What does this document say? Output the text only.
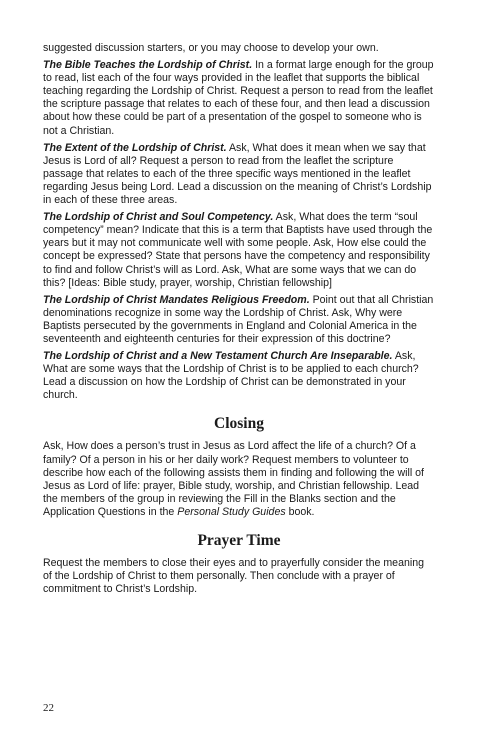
suggested discussion starters, or you may choose to develop your own.

The Bible Teaches the Lordship of Christ. In a format large enough for the group to read, list each of the four ways provided in the leaflet that supports the biblical teaching regarding the Lordship of Christ. Request a person to read from the leaflet the scripture passage that relates to each of these four, and then lead a discussion about how these could be part of a presentation of the gospel to someone who is not a Christian.

The Extent of the Lordship of Christ. Ask, What does it mean when we say that Jesus is Lord of all? Request a person to read from the leaflet the scripture passage that relates to each of the three specific ways mentioned in the leaflet regarding Jesus being Lord. Lead a discussion on the meaning of Christ’s Lordship in each of these three areas.

The Lordship of Christ and Soul Competency. Ask, What does the term “soul competency” mean? Indicate that this is a term that Baptists have used through the years but it may not communicate well with some people. Ask, How else could the concept be expressed? State that persons have the competency and responsibility to find and follow Christ’s will as Lord. Ask, What are some ways that we can do this? [Ideas: Bible study, prayer, worship, Christian fellowship]

The Lordship of Christ Mandates Religious Freedom. Point out that all Christian denominations recognize in some way the Lordship of Christ. Ask, Why were Baptists persecuted by the governments in England and Colonial America in the seventeenth and eighteenth centuries for their expression of this doctrine?

The Lordship of Christ and a New Testament Church Are Inseparable. Ask, What are some ways that the Lordship of Christ is to be applied to each church? Lead a discussion on how the Lordship of Christ can be demonstrated in your church.

Closing

Ask, How does a person’s trust in Jesus as Lord affect the life of a church? Of a family? Of a person in his or her daily work? Request members to volunteer to describe how each of the following assists them in finding and following the will of Jesus as Lord of life: prayer, Bible study, worship, and Christian fellowship. Lead the members of the group in reviewing the Fill in the Blanks section and the Application Questions in the Personal Study Guides book.

Prayer Time

Request the members to close their eyes and to prayerfully consider the meaning of the Lordship of Christ to them personally. Then conclude with a prayer of commitment to Christ’s Lordship.

22
